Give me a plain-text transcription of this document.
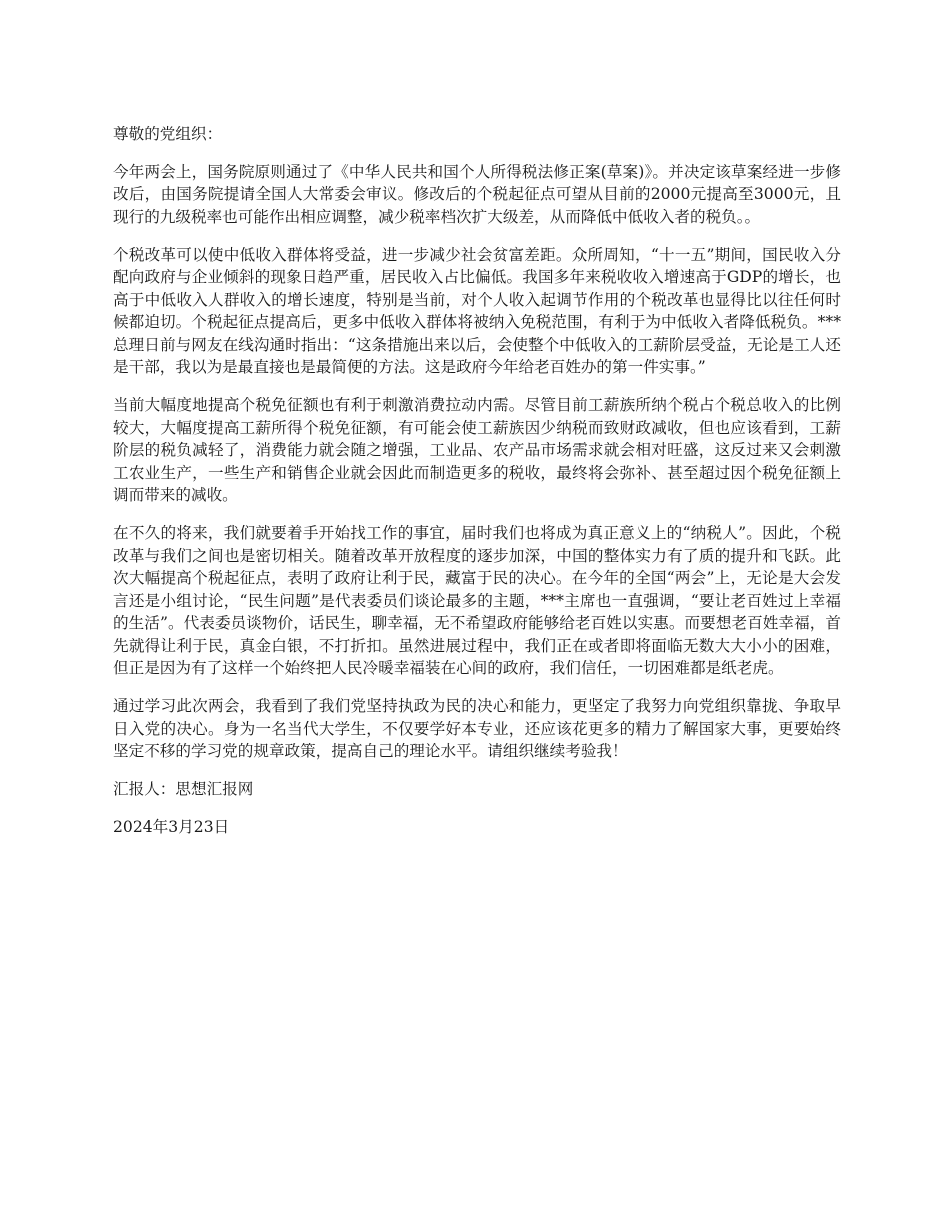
尊敬的党组织：

今年两会上，国务院原则通过了《中华人民共和国个人所得税法修正案(草案)》。并决定该草案经进一步修改后，由国务院提请全国人大常委会审议。修改后的个税起征点可望从目前的2000元提高至3000元，且现行的九级税率也可能作出相应调整，减少税率档次扩大级差，从而降低中低收入者的税负。。

个税改革可以使中低收入群体将受益，进一步减少社会贫富差距。众所周知，“十一五”期间，国民收入分配向政府与企业倾斜的现象日趋严重，居民收入占比偏低。我国多年来税收收入增速高于GDP的增长，也高于中低收入人群收入的增长速度，特别是当前，对个人收入起调节作用的个税改革也显得比以往任何时候都迫切。个税起征点提高后，更多中低收入群体将被纳入免税范围，有利于为中低收入者降低税负。***总理日前与网友在线沟通时指出：“这条措施出来以后，会使整个中低收入的工薪阶层受益，无论是工人还是干部，我以为是最直接也是最简便的方法。这是政府今年给老百姓办的第一件实事。”

当前大幅度地提高个税免征额也有利于刺激消费拉动内需。尽管目前工薪族所纳个税占个税总收入的比例较大，大幅度提高工薪所得个税免征额，有可能会使工薪族因少纳税而致财政减收，但也应该看到，工薪阶层的税负减轻了，消费能力就会随之增强，工业品、农产品市场需求就会相对旺盛，这反过来又会刺激工农业生产，一些生产和销售企业就会因此而制造更多的税收，最终将会弥补、甚至超过因个税免征额上调而带来的减收。

在不久的将来，我们就要着手开始找工作的事宜，届时我们也将成为真正意义上的“纳税人”。因此，个税改革与我们之间也是密切相关。随着改革开放程度的逐步加深，中国的整体实力有了质的提升和飞跃。此次大幅提高个税起征点，表明了政府让利于民，藏富于民的决心。在今年的全国“两会”上，无论是大会发言还是小组讨论，“民生问题”是代表委员们谈论最多的主题，***主席也一直强调，“要让老百姓过上幸福的生活”。代表委员谈物价，话民生，聊幸福，无不希望政府能够给老百姓以实惠。而要想老百姓幸福，首先就得让利于民，真金白银，不打折扣。虽然进展过程中，我们正在或者即将面临无数大大小小的困难，但正是因为有了这样一个始终把人民冷暖幸福装在心间的政府，我们信任，一切困难都是纸老虎。

通过学习此次两会，我看到了我们党坚持执政为民的决心和能力，更坚定了我努力向党组织靠拢、争取早日入党的决心。身为一名当代大学生，不仅要学好本专业，还应该花更多的精力了解国家大事，更要始终坚定不移的学习党的规章政策，提高自己的理论水平。请组织继续考验我！

汇报人：思想汇报网

2024年3月23日
